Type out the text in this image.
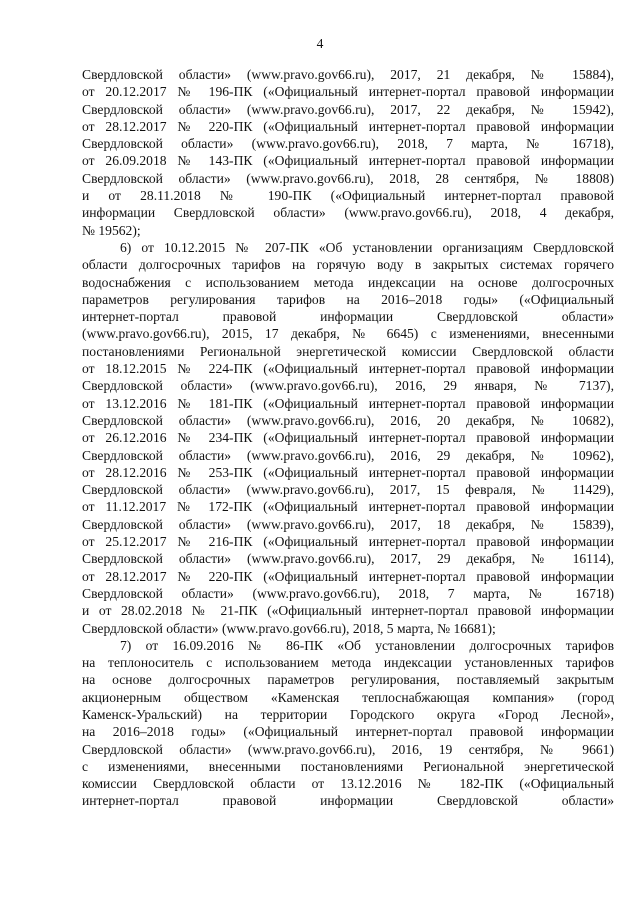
4
Свердловской области» (www.pravo.gov66.ru), 2017, 21 декабря, № 15884),
от 20.12.2017 № 196-ПК («Официальный интернет-портал правовой информации
Свердловской области» (www.pravo.gov66.ru), 2017, 22 декабря, № 15942),
от 28.12.2017 № 220-ПК («Официальный интернет-портал правовой информации
Свердловской области» (www.pravo.gov66.ru), 2018, 7 марта, № 16718),
от 26.09.2018 № 143-ПК («Официальный интернет-портал правовой информации
Свердловской области» (www.pravo.gov66.ru), 2018, 28 сентября, № 18808)
и от 28.11.2018 № 190-ПК («Официальный интернет-портал правовой
информации Свердловской области» (www.pravo.gov66.ru), 2018, 4 декабря,
№ 19562);
6) от 10.12.2015 № 207-ПК «Об установлении организациям Свердловской
области долгосрочных тарифов на горячую воду в закрытых системах горячего
водоснабжения с использованием метода индексации на основе долгосрочных
параметров регулирования тарифов на 2016–2018 годы» («Официальный
интернет-портал правовой информации Свердловской области»
(www.pravo.gov66.ru), 2015, 17 декабря, № 6645) с изменениями, внесенными
постановлениями Региональной энергетической комиссии Свердловской области
от 18.12.2015 № 224-ПК («Официальный интернет-портал правовой информации
Свердловской области» (www.pravo.gov66.ru), 2016, 29 января, № 7137),
от 13.12.2016 № 181-ПК («Официальный интернет-портал правовой информации
Свердловской области» (www.pravo.gov66.ru), 2016, 20 декабря, № 10682),
от 26.12.2016 № 234-ПК («Официальный интернет-портал правовой информации
Свердловской области» (www.pravo.gov66.ru), 2016, 29 декабря, № 10962),
от 28.12.2016 № 253-ПК («Официальный интернет-портал правовой информации
Свердловской области» (www.pravo.gov66.ru), 2017, 15 февраля, № 11429),
от 11.12.2017 № 172-ПК («Официальный интернет-портал правовой информации
Свердловской области» (www.pravo.gov66.ru), 2017, 18 декабря, № 15839),
от 25.12.2017 № 216-ПК («Официальный интернет-портал правовой информации
Свердловской области» (www.pravo.gov66.ru), 2017, 29 декабря, № 16114),
от 28.12.2017 № 220-ПК («Официальный интернет-портал правовой информации
Свердловской области» (www.pravo.gov66.ru), 2018, 7 марта, № 16718)
и от 28.02.2018 № 21-ПК («Официальный интернет-портал правовой информации
Свердловской области» (www.pravo.gov66.ru), 2018, 5 марта, № 16681);
7) от 16.09.2016 № 86-ПК «Об установлении долгосрочных тарифов
на теплоноситель с использованием метода индексации установленных тарифов
на основе долгосрочных параметров регулирования, поставляемый закрытым
акционерным обществом «Каменская теплоснабжающая компания» (город
Каменск-Уральский) на территории Городского округа «Город Лесной»,
на 2016–2018 годы» («Официальный интернет-портал правовой информации
Свердловской области» (www.pravo.gov66.ru), 2016, 19 сентября, № 9661)
с изменениями, внесенными постановлениями Региональной энергетической
комиссии Свердловской области от 13.12.2016 № 182-ПК («Официальный
интернет-портал правовой информации Свердловской области»
